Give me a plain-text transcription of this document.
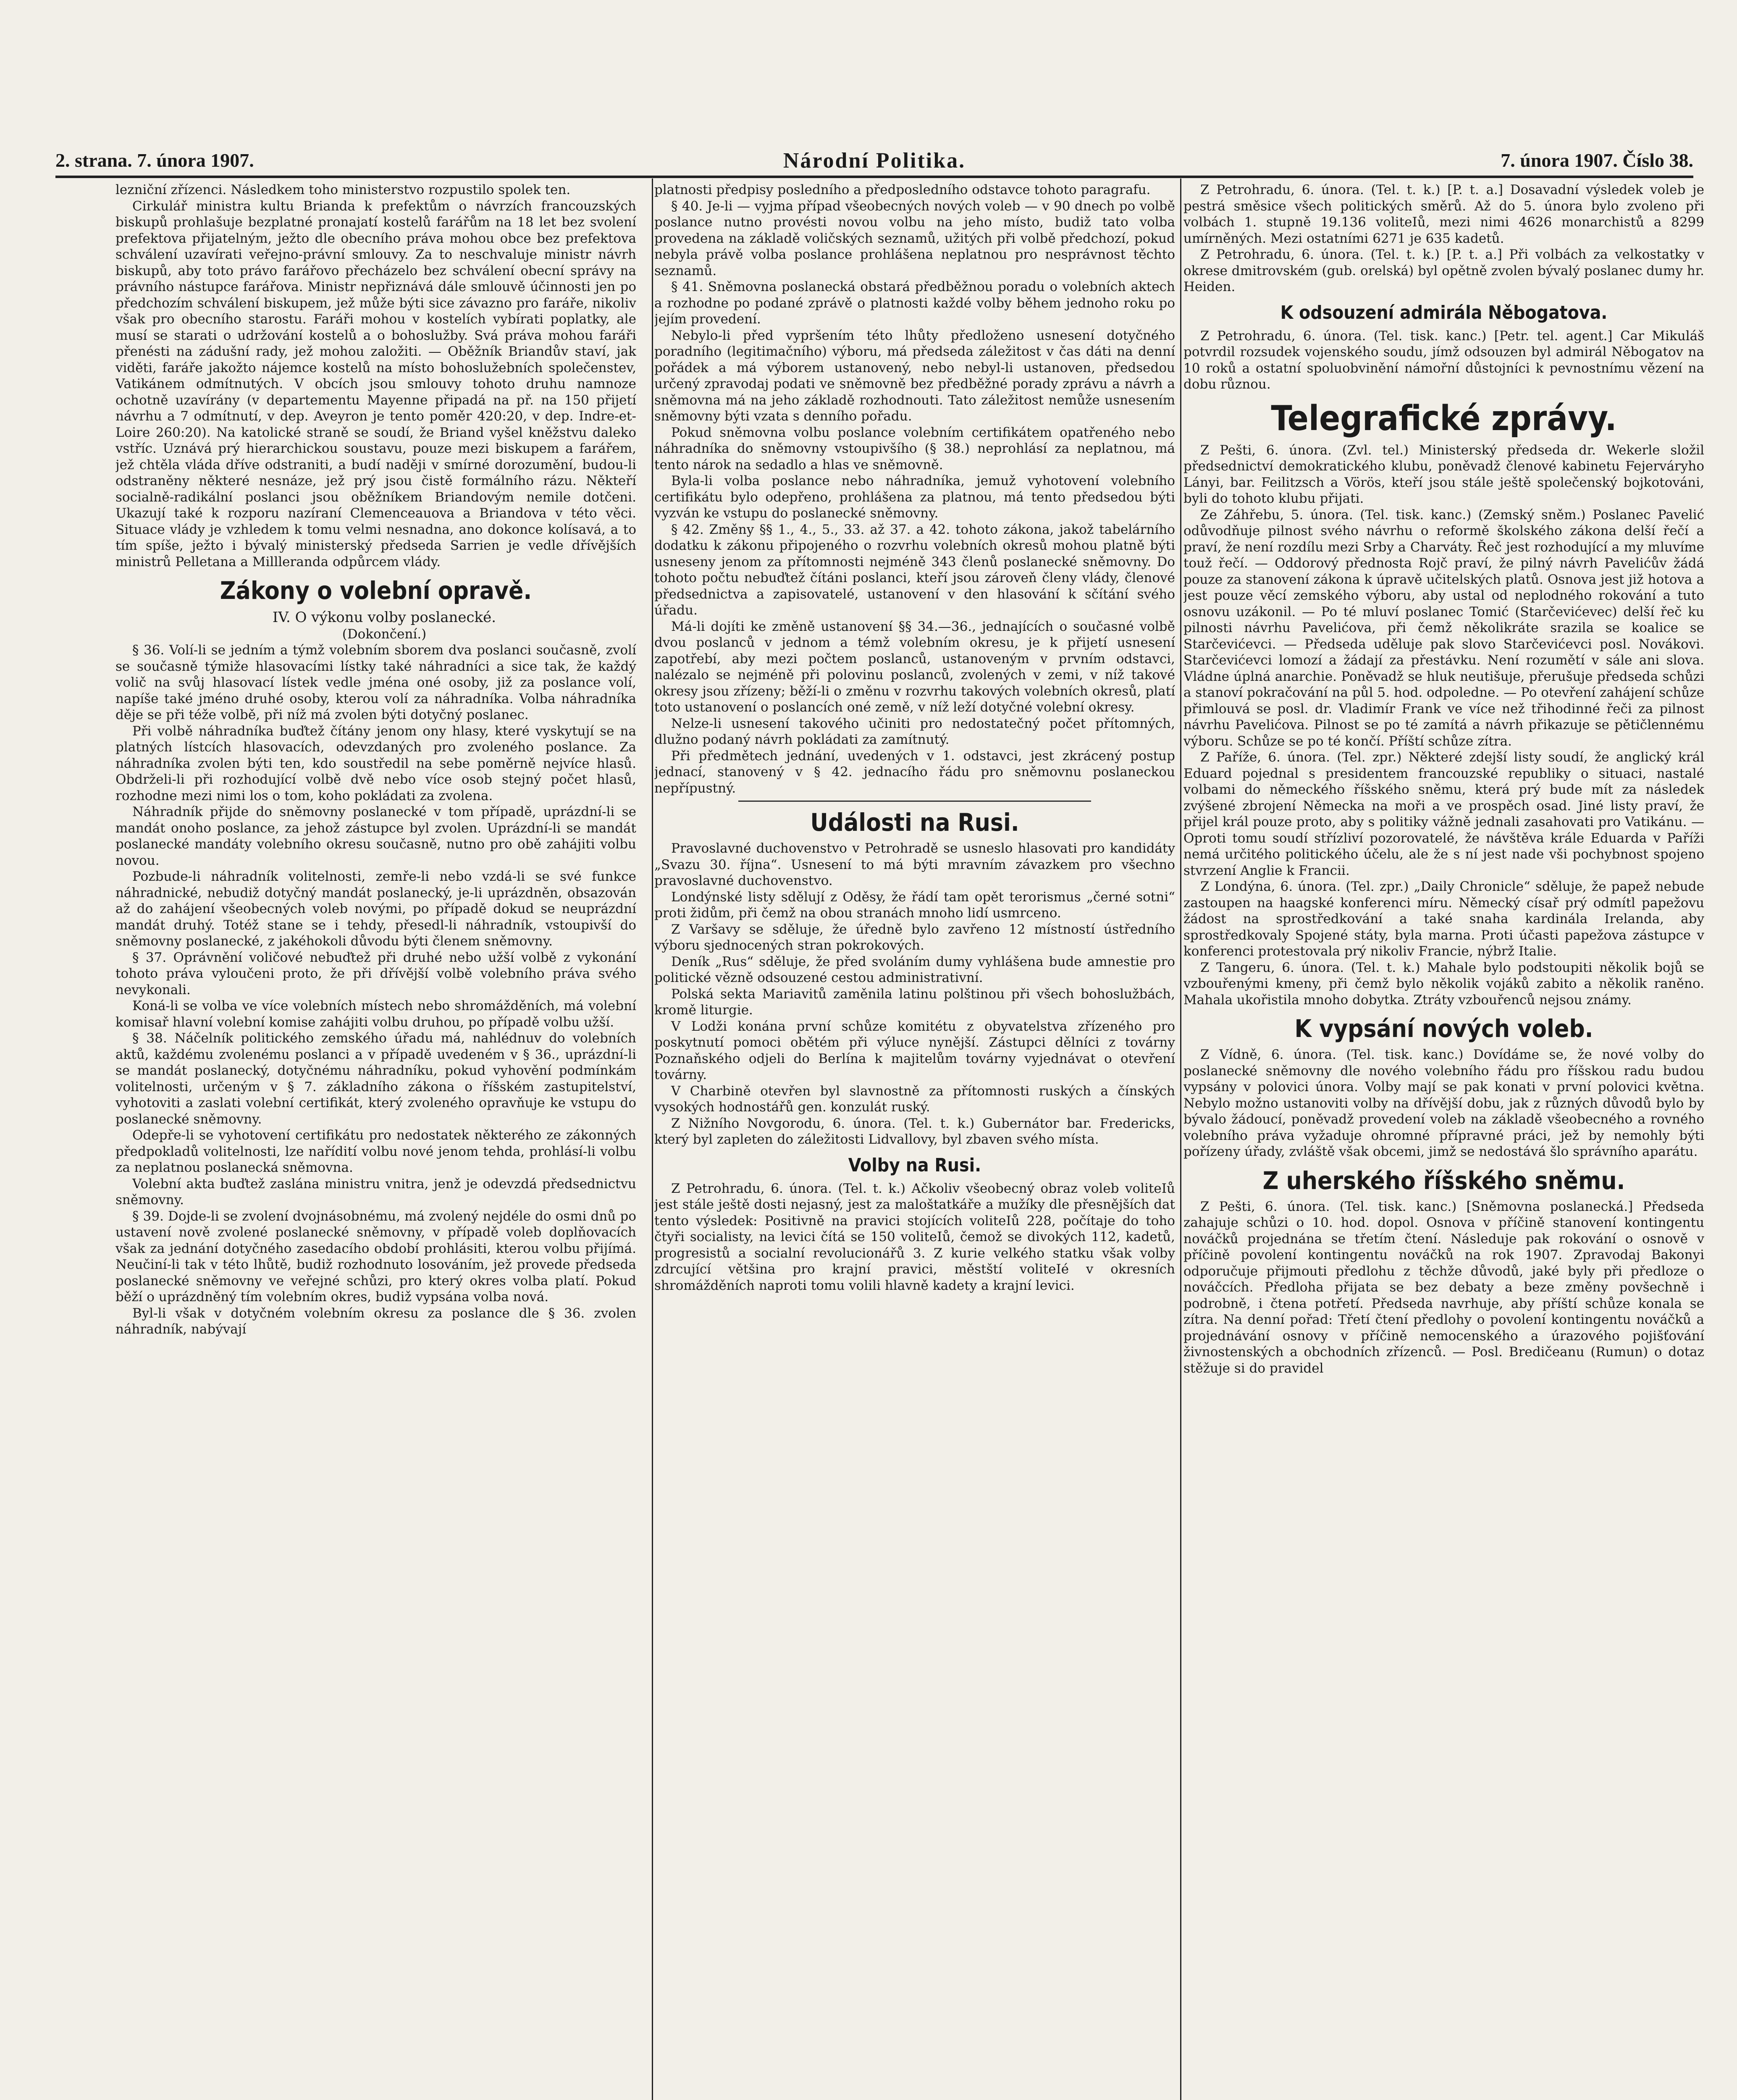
2. strana. 7. února 1907.	Národní Politika.	7. února 1907. Číslo 38.

lezniční zřízenci. Následkem toho ministerstvo rozpustilo spolek ten.

Cirkulář ministra kultu Brianda k prefektům o návrzích francouzských biskupů prohlašuje bezplatné pronajatí kostelů farářům na 18 let bez svolení prefektova přijatelným, ježto dle obecního práva mohou obce bez prefektova schválení uzavírati veřejno-právní smlouvy. Za to neschvaluje ministr návrh biskupů, aby toto právo farářovo přecházelo bez schválení obecní správy na právního nástupce farářova. Ministr nepřiznává dále smlouvě účinnosti jen po předchozím schválení biskupem, jež může býti sice závazno pro faráře, nikoliv však pro obecního starostu. Faráři mohou v kostelích vybírati poplatky, ale musí se starati o udržování kostelů a o bohoslužby. Svá práva mohou faráři přenésti na zádušní rady, jež mohou založiti. — Oběžník Briandův staví, jak viděti, faráře jakožto nájemce kostelů na místo bohoslužebních společenstev, Vatikánem odmítnutých. V obcích jsou smlouvy tohoto druhu namnoze ochotně uzavírány (v departementu Mayenne připadá na př. na 150 přijetí návrhu a 7 odmítnutí, v dep. Aveyron je tento poměr 420:20, v dep. Indre-et-Loire 260:20). Na katolické straně se soudí, že Briand vyšel kněžstvu daleko vstříc. Uznává prý hierarchickou soustavu, pouze mezi biskupem a farářem, jež chtěla vláda dříve odstraniti, a budí naději v smírné dorozumění, budou-li odstraněny některé nesnáze, jež prý jsou čistě formálního rázu. Někteří socialně-radikální poslanci jsou oběžníkem Briandovým nemile dotčeni. Ukazují také k rozporu nazíraní Clemenceauova a Briandova v této věci. Situace vlády je vzhledem k tomu velmi nesnadna, ano dokonce kolísavá, a to tím spíše, ježto i bývalý ministerský předseda Sarrien je vedle dřívějších ministrů Pelletana a Millleranda odpůrcem vlády.

Zákony o volební opravě.

IV. O výkonu volby poslanecké.

(Dokončení.)

§ 36. Volí-li se jedním a týmž volebním sborem dva poslanci současně, zvolí se současně týmiže hlasovacími lístky také náhradníci a sice tak, že každý volič na svůj hlasovací lístek vedle jména oné osoby, již za poslance volí, napíše také jméno druhé osoby, kterou volí za náhradníka. Volba náhradníka děje se při téže volbě, při níž má zvolen býti dotyčný poslanec.

Při volbě náhradníka buďtež čítány jenom ony hlasy, které vyskytují se na platných lístcích hlasovacích, odevzdaných pro zvoleného poslance. Za náhradníka zvolen býti ten, kdo soustředil na sebe poměrně nejvíce hlasů. Obdrželi-li při rozhodující volbě dvě nebo více osob stejný počet hlasů, rozhodne mezi nimi los o tom, koho pokládati za zvolena.

Náhradník přijde do sněmovny poslanecké v tom případě, uprázdní-li se mandát onoho poslance, za jehož zástupce byl zvolen. Uprázdní-li se mandát poslanecké mandáty volebního okresu současně, nutno pro obě zahájiti volbu novou.

Pozbude-li náhradník volitelnosti, zemře-li nebo vzdá-li se své funkce náhradnické, nebudiž dotyčný mandát poslanecký, je-li uprázdněn, obsazován až do zahájení všeobecných voleb novými, po případě dokud se neuprázdní mandát druhý. Totéž stane se i tehdy, přesedl-li náhradník, vstoupivší do sněmovny poslanecké, z jakéhokoli důvodu býti členem sněmovny.

§ 37. Oprávnění voličové nebuďtež při druhé nebo užší volbě z vykonání tohoto práva vyloučeni proto, že při dřívější volbě volebního práva svého nevykonali.

Koná-li se volba ve více volebních místech nebo shromážděních, má volební komisař hlavní volební komise zahájiti volbu druhou, po případě volbu užší.

§ 38. Náčelník politického zemského úřadu má, nahlédnuv do volebních aktů, každému zvolenému poslanci a v případě uvedeném v § 36., uprázdní-li se mandát poslanecký, dotyčnému náhradníku, pokud vyhovění podmínkám volitelnosti, určeným v § 7. základního zákona o říšském zastupitelství, vyhotoviti a zaslati volební certifikát, který zvoleného opravňuje ke vstupu do poslanecké sněmovny.

Odepře-li se vyhotovení certifikátu pro nedostatek některého ze zákonných předpokladů volitelnosti, lze nařídití volbu nové jenom tehda, prohlásí-li volbu za neplatnou poslanecká sněmovna.

Volební akta buďtež zaslána ministru vnitra, jenž je odevzdá předsednictvu sněmovny.

§ 39. Dojde-li se zvolení dvojnásobnému, má zvolený nejdéle do osmi dnů po ustavení nově zvolené poslanecké sněmovny, v případě voleb doplňovacích však za jednání dotyčného zasedacího období prohlásiti, kterou volbu přijímá. Neučiní-li tak v této lhůtě, budiž rozhodnuto losováním, jež provede předseda poslanecké sněmovny ve veřejné schůzi, pro který okres volba platí. Pokud běží o uprázdněný tím volebním okres, budiž vypsána volba nová.

Byl-li však v dotyčném volebním okresu za poslance dle § 36. zvolen náhradník, nabývají

platnosti předpisy posledního a předposledního odstavce tohoto paragrafu.

§ 40. Je-li — vyjma případ všeobecných nových voleb — v 90 dnech po volbě poslance nutno provésti novou volbu na jeho místo, budiž tato volba provedena na základě voličských seznamů, užitých při volbě předchozí, pokud nebyla právě volba poslance prohlášena neplatnou pro nesprávnost těchto seznamů.

§ 41. Sněmovna poslanecká obstará předběžnou poradu o volebních aktech a rozhodne po podané zprávě o platnosti každé volby během jednoho roku po jejím provedení.

Nebylo-li před vypršením této lhůty předloženo usnesení dotyčného poradního (legitimačního) výboru, má předseda záležitost v čas dáti na denní pořádek a má výborem ustanovený, nebo nebyl-li ustanoven, předsedou určený zpravodaj podati ve sněmovně bez předběžné porady zprávu a návrh a sněmovna má na jeho základě rozhodnouti. Tato záležitost nemůže usnesením sněmovny býti vzata s denního pořadu.

Pokud sněmovna volbu poslance volebním certifikátem opatřeného nebo náhradníka do sněmovny vstoupivšího (§ 38.) neprohlásí za neplatnou, má tento nárok na sedadlo a hlas ve sněmovně.

Byla-li volba poslance nebo náhradníka, jemuž vyhotovení volebního certifikátu bylo odepřeno, prohlášena za platnou, má tento předsedou býti vyzván ke vstupu do poslanecké sněmovny.

§ 42. Změny §§ 1., 4., 5., 33. až 37. a 42. tohoto zákona, jakož tabelárního dodatku k zákonu připojeného o rozvrhu volebních okresů mohou platně býti usneseny jenom za přítomnosti nejméně 343 členů poslanecké sněmovny. Do tohoto počtu nebuďtež čítáni poslanci, kteří jsou zároveň členy vlády, členové předsednictva a zapisovatelé, ustanovení v den hlasování k sčítání svého úřadu.

Má-li dojíti ke změně ustanovení §§ 34.—36., jednajících o současné volbě dvou poslanců v jednom a témž volebním okresu, je k přijetí usnesení zapotřebí, aby mezi počtem poslanců, ustanoveným v prvním odstavci, nalézalo se nejméně při polovinu poslanců, zvolených v zemi, v níž takové okresy jsou zřízeny; běží-li o změnu v rozvrhu takových volebních okresů, platí toto ustanovení o poslancích oné země, v níž leží dotyčné volební okresy.

Nelze-li usnesení takového učiniti pro nedostatečný počet přítomných, dlužno podaný návrh pokládati za zamítnutý.

Při předmětech jednání, uvedených v 1. odstavci, jest zkrácený postup jednací, stanovený v § 42. jednacího řádu pro sněmovnu poslaneckou nepřípustný.

Události na Rusi.

Pravoslavné duchovenstvo v Petrohradě se usneslo hlasovati pro kandidáty „Svazu 30. října“. Usnesení to má býti mravním závazkem pro všechno pravoslavné duchovenstvo.

Londýnské listy sdělují z Oděsy, že řádí tam opět terorismus „černé sotni“ proti židům, při čemž na obou stranách mnoho lidí usmrceno.

Z Varšavy se sděluje, že úředně bylo zavřeno 12 místností ústředního výboru sjednocených stran pokrokových.

Deník „Rus“ sděluje, že před svoláním dumy vyhlášena bude amnestie pro politické vězně odsouzené cestou administrativní.

Polská sekta Mariavitů zaměnila latinu polštinou při všech bohoslužbách, kromě liturgie.

V Lodži konána první schůze komitétu z obyvatelstva zřízeného pro poskytnutí pomoci obětém při výluce nynější. Zástupci dělníci z továrny Poznaňského odjeli do Berlína k majitelům továrny vyjednávat o otevření továrny.

V Charbině otevřen byl slavnostně za přítomnosti ruských a čínských vysokých hodnostářů gen. konzulát ruský.

Z Nižního Novgorodu, 6. února. (Tel. t. k.) Gubernátor bar. Fredericks, který byl zapleten do záležitosti Lidvallovy, byl zbaven svého místa.

Volby na Rusi.

Z Petrohradu, 6. února. (Tel. t. k.) Ačkoliv všeobecný obraz voleb voliteIů jest stále ještě dosti nejasný, jest za maloštatkáře a mužíky dle přesnějších dat tento výsledek: Positivně na pravici stojících voliteIů 228, počítaje do toho čtyři socialisty, na levici čítá se 150 voliteIů, čemož se divokých 112, kadetů, progresistů a socialní revolucionářů 3. Z kurie velkého statku však volby zdrcující většina pro krajní pravici, městští voliteIé v okresních shromážděních naproti tomu volili hlavně kadety a krajní levici.

Z Petrohradu, 6. února. (Tel. t. k.) [P. t. a.] Dosavadní výsledek voleb je pestrá směsice všech politických směrů. Až do 5. února bylo zvoleno při volbách 1. stupně 19.136 voliteIů, mezi nimi 4626 monarchistů a 8299 umírněných. Mezi ostatními 6271 je 635 kadetů.

Z Petrohradu, 6. února. (Tel. t. k.) [P. t. a.] Při volbách za velkostatky v okrese dmitrovském (gub. orelská) byl opětně zvolen bývalý poslanec dumy hr. Heiden.

K odsouzení admirála Něbogatova.

Z Petrohradu, 6. února. (Tel. tisk. kanc.) [Petr. tel. agent.] Car Mikuláš potvrdil rozsudek vojenského soudu, jímž odsouzen byl admirál Něbogatov na 10 roků a ostatní spoluobvinění námořní důstojníci k pevnostnímu vězení na dobu různou.

Telegrafické zprávy.

Z Pešti, 6. února. (Zvl. tel.) Ministerský předseda dr. Wekerle složil předsednictví demokratického klubu, poněvadž členové kabinetu Fejerváryho Lányi, bar. Feilitzsch a Vörös, kteří jsou stále ještě společenský bojkotováni, byli do tohoto klubu přijati.

Ze Záhřebu, 5. února. (Tel. tisk. kanc.) (Zemský sněm.) Poslanec Pavelić odůvodňuje pilnost svého návrhu o reformě školského zákona delší řečí a praví, že není rozdílu mezi Srby a Charváty. Řeč jest rozhodující a my mluvíme touž řečí. — Oddorový přednosta Rojč praví, že pilný návrh Pavelićův žádá pouze za stanovení zákona k úpravě učitelských platů. Osnova jest již hotova a jest pouze věcí zemského výboru, aby ustal od neplodného rokování a tuto osnovu uzákonil. — Po té mluví poslanec Tomić (Starčevićevec) delší řeč ku pilnosti návrhu Pavelićova, při čemž několikráte srazila se koalice se Starčevićevci. — Předseda uděluje pak slovo Starčevićevci posl. Novákovi. Starčevićevci lomozí a žádají za přestávku. Není rozumětí v sále ani slova. Vládne úplná anarchie. Poněvadž se hluk neutišuje, přerušuje předseda schůzi a stanoví pokračování na půl 5. hod. odpoledne. — Po otevření zahájení schůze přimlouvá se posl. dr. Vladimír Frank ve více než třihodinné řeči za pilnost návrhu Pavelićova. Pilnost se po té zamítá a návrh přikazuje se pětičlennému výboru. Schůze se po té končí. Příští schůze zítra.

Z Paříže, 6. února. (Tel. zpr.) Některé zdejší listy soudí, že anglický král Eduard pojednal s presidentem francouzské republiky o situaci, nastalé volbami do německého říšského sněmu, která prý bude mít za následek zvýšené zbrojení Německa na moři a ve prospěch osad. Jiné listy praví, že přijel král pouze proto, aby s politiky vážně jednali zasahovati pro Vatikánu. — Oproti tomu soudí střízliví pozorovatelé, že návštěva krále Eduarda v Paříži nemá určitého politického účelu, ale že s ní jest nade vši pochybnost spojeno stvrzení Anglie k Francii.

Z Londýna, 6. února. (Tel. zpr.) „Daily Chronicle“ sděluje, že papež nebude zastoupen na haagské konferenci míru. Německý císař prý odmítl papežovu žádost na sprostředkování a také snaha kardinála Irelanda, aby sprostředkovaly Spojené státy, byla marna. Proti účasti papežova zástupce v konferenci protestovala prý nikoliv Francie, nýbrž Italie.

Z Tangeru, 6. února. (Tel. t. k.) Mahale bylo podstoupiti několik bojů se vzbouřenými kmeny, při čemž bylo několik vojáků zabito a několik raněno. Mahala ukořistila mnoho dobytka. Ztráty vzbouřenců nejsou známy.

K vypsání nových voleb.

Z Vídně, 6. února. (Tel. tisk. kanc.) Dovídáme se, že nové volby do poslanecké sněmovny dle nového volebního řádu pro říšskou radu budou vypsány v polovici února. Volby mají se pak konati v první polovici května. Nebylo možno ustanoviti volby na dřívější dobu, jak z různých důvodů bylo by bývalo žádoucí, poněvadž provedení voleb na základě všeobecného a rovného volebního práva vyžaduje ohromné přípravné práci, jež by nemohly býti pořízeny úřady, zvláště však obcemi, jimž se nedostává šlo správního aparátu.

Z uherského říšského sněmu.

Z Pešti, 6. února. (Tel. tisk. kanc.) [Sněmovna poslanecká.] Předseda zahajuje schůzi o 10. hod. dopol. Osnova v příčině stanovení kontingentu nováčků projednána se třetím čtení. Následuje pak rokování o osnově v příčině povolení kontingentu nováčků na rok 1907. Zpravodaj Bakonyi odporučuje přijmouti předlohu z těchže důvodů, jaké byly při předloze o nováčcích. Předloha přijata se bez debaty a beze změny povšechně i podrobně, i čtena potřetí. Předseda navrhuje, aby příští schůze konala se zítra. Na denní pořad: Třetí čtení předlohy o povolení kontingentu nováčků a projednávání osnovy v příčině nemocenského a úrazového pojišťování živnostenských a obchodních zřízenců. — Posl. Bredičeanu (Rumun) o dotaz stěžuje si do pravidel
